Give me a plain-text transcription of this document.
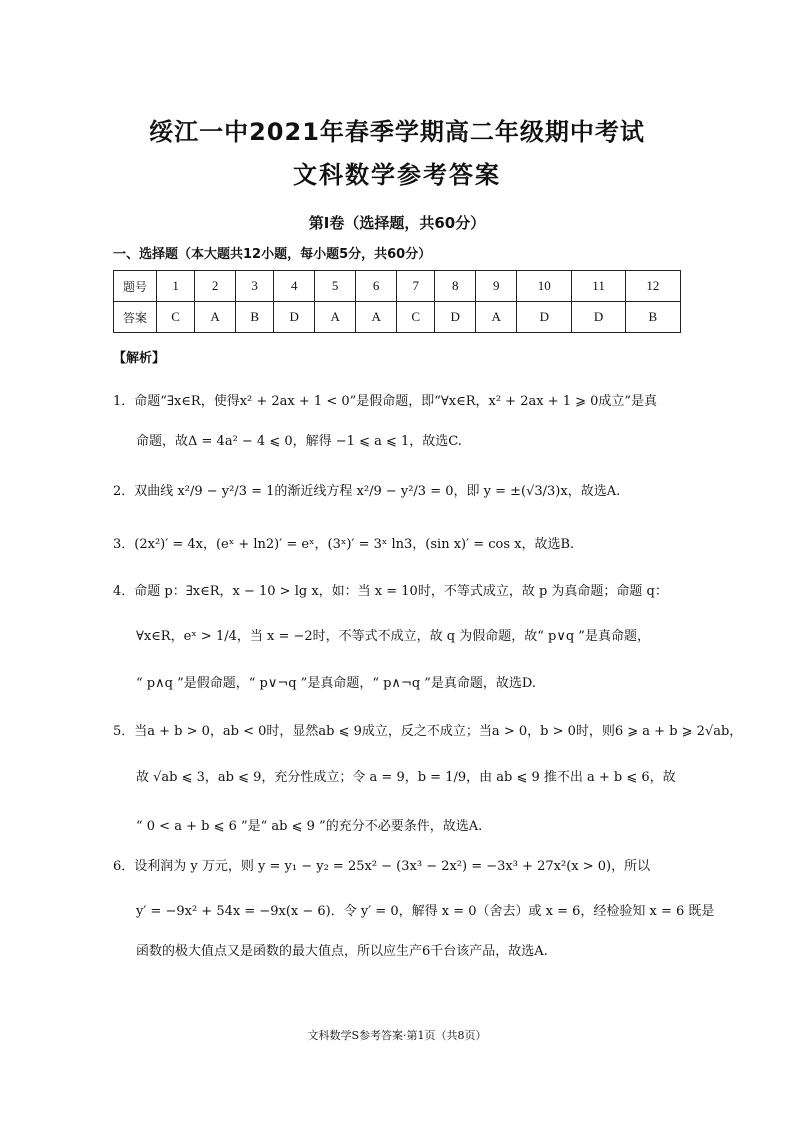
绥江一中2021年春季学期高二年级期中考试
文科数学参考答案
第Ⅰ卷（选择题，共60分）
一、选择题（本大题共12小题，每小题5分，共60分）
题号	1	2	3	4	5	6	7	8	9	10	11	12
答案	C	A	B	D	A	A	C	D	A	D	D	B
【解析】
1．命题“∃x∈R，使得x² + 2ax + 1 < 0”是假命题，即“∀x∈R，x² + 2ax + 1 ⩾ 0成立”是真
命题，故Δ = 4a² − 4 ⩽ 0，解得 −1 ⩽ a ⩽ 1，故选C.
2．双曲线 x²/9 − y²/3 = 1的渐近线方程 x²/9 − y²/3 = 0，即 y = ±(√3/3)x，故选A.
3．(2x²)′ = 4x，(eˣ + ln2)′ = eˣ，(3ˣ)′ = 3ˣ ln3，(sin x)′ = cos x，故选B.
4．命题 p：∃x∈R，x − 10 > lg x，如：当 x = 10时，不等式成立，故 p 为真命题；命题 q：
∀x∈R，eˣ > 1/4，当 x = −2时，不等式不成立，故 q 为假命题，故“ p∨q ”是真命题，
“ p∧q ”是假命题，“ p∨¬q ”是真命题，“ p∧¬q ”是真命题，故选D.
5．当a + b > 0，ab < 0时，显然ab ⩽ 9成立，反之不成立；当a > 0，b > 0时，则6 ⩾ a + b ⩾ 2√ab，
故 √ab ⩽ 3，ab ⩽ 9，充分性成立；令 a = 9，b = 1/9，由 ab ⩽ 9 推不出 a + b ⩽ 6，故
“ 0 < a + b ⩽ 6 ”是“ ab ⩽ 9 ”的充分不必要条件，故选A.
6．设利润为 y 万元，则 y = y₁ − y₂ = 25x² − (3x³ − 2x²) = −3x³ + 27x²(x > 0)，所以
y′ = −9x² + 54x = −9x(x − 6)．令 y′ = 0，解得 x = 0（舍去）或 x = 6，经检验知 x = 6 既是
函数的极大值点又是函数的最大值点，所以应生产6千台该产品，故选A.
文科数学S参考答案·第1页（共8页）
